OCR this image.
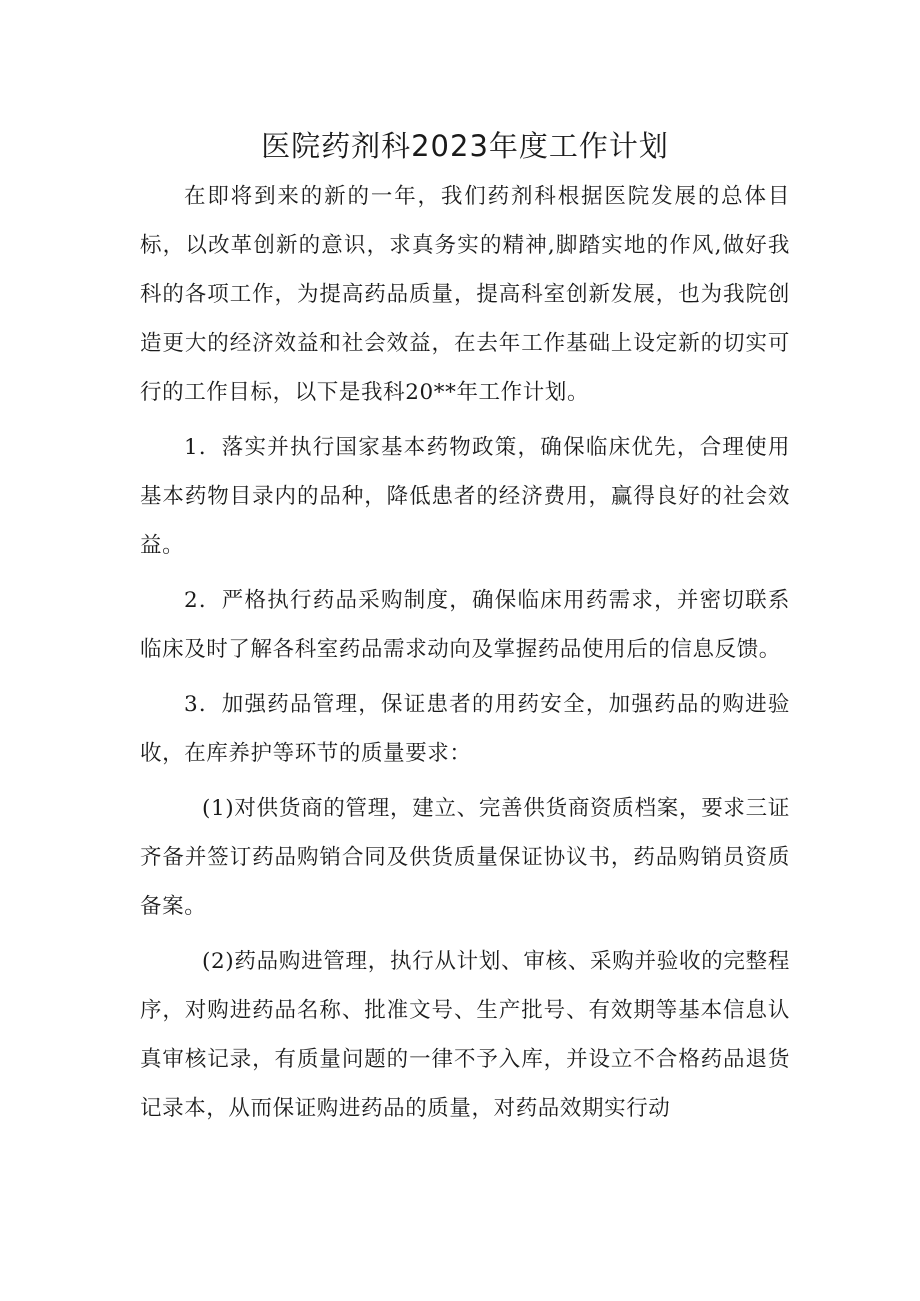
医院药剂科2023年度工作计划

在即将到来的新的一年，我们药剂科根据医院发展的总体目标，以改革创新的意识，求真务实的精神,脚踏实地的作风,做好我科的各项工作，为提高药品质量，提高科室创新发展，也为我院创造更大的经济效益和社会效益，在去年工作基础上设定新的切实可行的工作目标，以下是我科20**年工作计划。

1．落实并执行国家基本药物政策，确保临床优先，合理使用基本药物目录内的品种，降低患者的经济费用，赢得良好的社会效益。

2．严格执行药品采购制度，确保临床用药需求，并密切联系临床及时了解各科室药品需求动向及掌握药品使用后的信息反馈。

3．加强药品管理，保证患者的用药安全，加强药品的购进验收，在库养护等环节的质量要求：

(1)对供货商的管理，建立、完善供货商资质档案，要求三证齐备并签订药品购销合同及供货质量保证协议书，药品购销员资质备案。

(2)药品购进管理，执行从计划、审核、采购并验收的完整程序，对购进药品名称、批准文号、生产批号、有效期等基本信息认真审核记录，有质量问题的一律不予入库，并设立不合格药品退货记录本，从而保证购进药品的质量，对药品效期实行动
